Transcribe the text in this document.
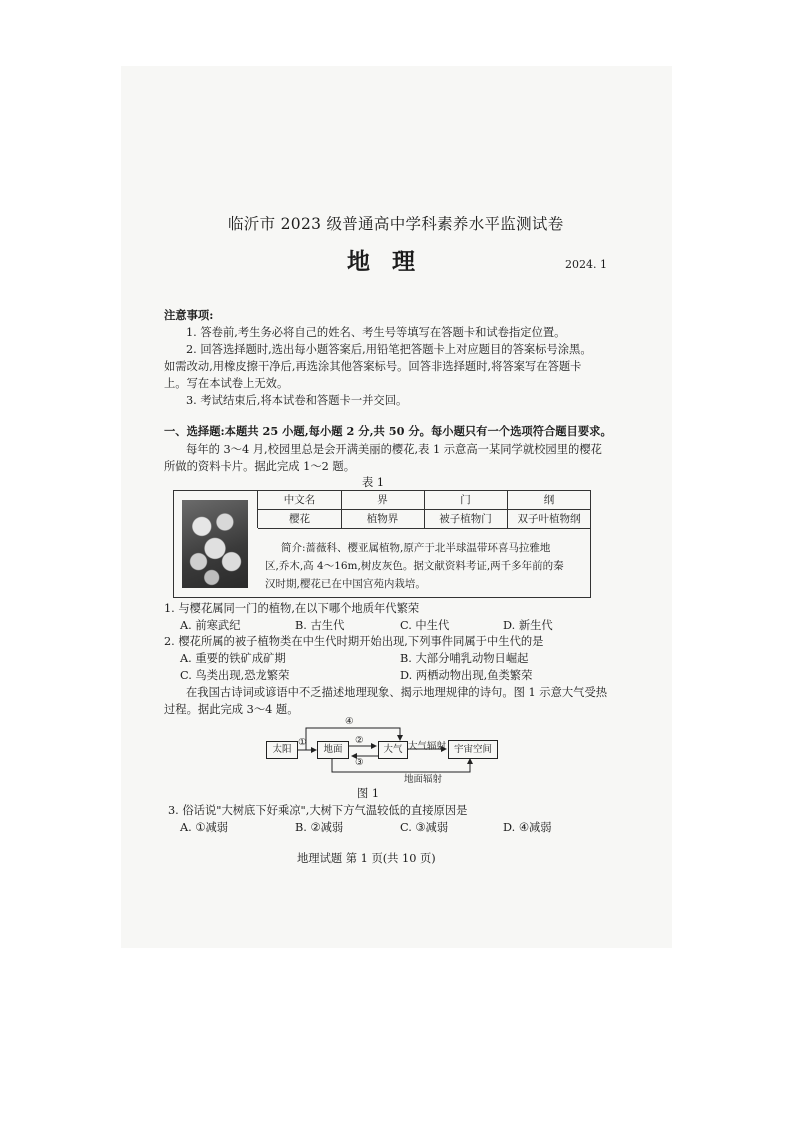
临沂市 2023 级普通高中学科素养水平监测试卷
地理	2024. 1
注意事项:
1. 答卷前,考生务必将自己的姓名、考生号等填写在答题卡和试卷指定位置。
2. 回答选择题时,选出每小题答案后,用铅笔把答题卡上对应题目的答案标号涂黑。
如需改动,用橡皮擦干净后,再选涂其他答案标号。回答非选择题时,将答案写在答题卡
上。写在本试卷上无效。
3. 考试结束后,将本试卷和答题卡一并交回。
一、选择题:本题共 25 小题,每小题 2 分,共 50 分。每小题只有一个选项符合题目要求。
每年的 3～4 月,校园里总是会开满美丽的樱花,表 1 示意高一某同学就校园里的樱花
所做的资料卡片。据此完成 1～2 题。
表 1
中文名	界	门	纲
樱花	植物界	被子植物门	双子叶植物纲
简介:蔷薇科、樱亚属植物,原产于北半球温带环喜马拉雅地
区,乔木,高 4～16m,树皮灰色。据文献资料考证,两千多年前的秦
汉时期,樱花已在中国宫苑内栽培。
1. 与樱花属同一门的植物,在以下哪个地质年代繁荣
A. 前寒武纪	B. 古生代	C. 中生代	D. 新生代
2. 樱花所属的被子植物类在中生代时期开始出现,下列事件同属于中生代的是
A. 重要的铁矿成矿期	B. 大部分哺乳动物日崛起
C. 鸟类出现,恐龙繁荣	D. 两栖动物出现,鱼类繁荣
在我国古诗词或谚语中不乏描述地理现象、揭示地理规律的诗句。图 1 示意大气受热
过程。据此完成 3～4 题。
太阳	地面	大气	宇宙空间
①	②
③
④
大气辐射
地面辐射
图 1
3. 俗话说"大树底下好乘凉",大树下方气温较低的直接原因是
A. ①减弱	B. ②减弱	C. ③减弱	D. ④减弱
地理试题 第 1 页(共 10 页)
